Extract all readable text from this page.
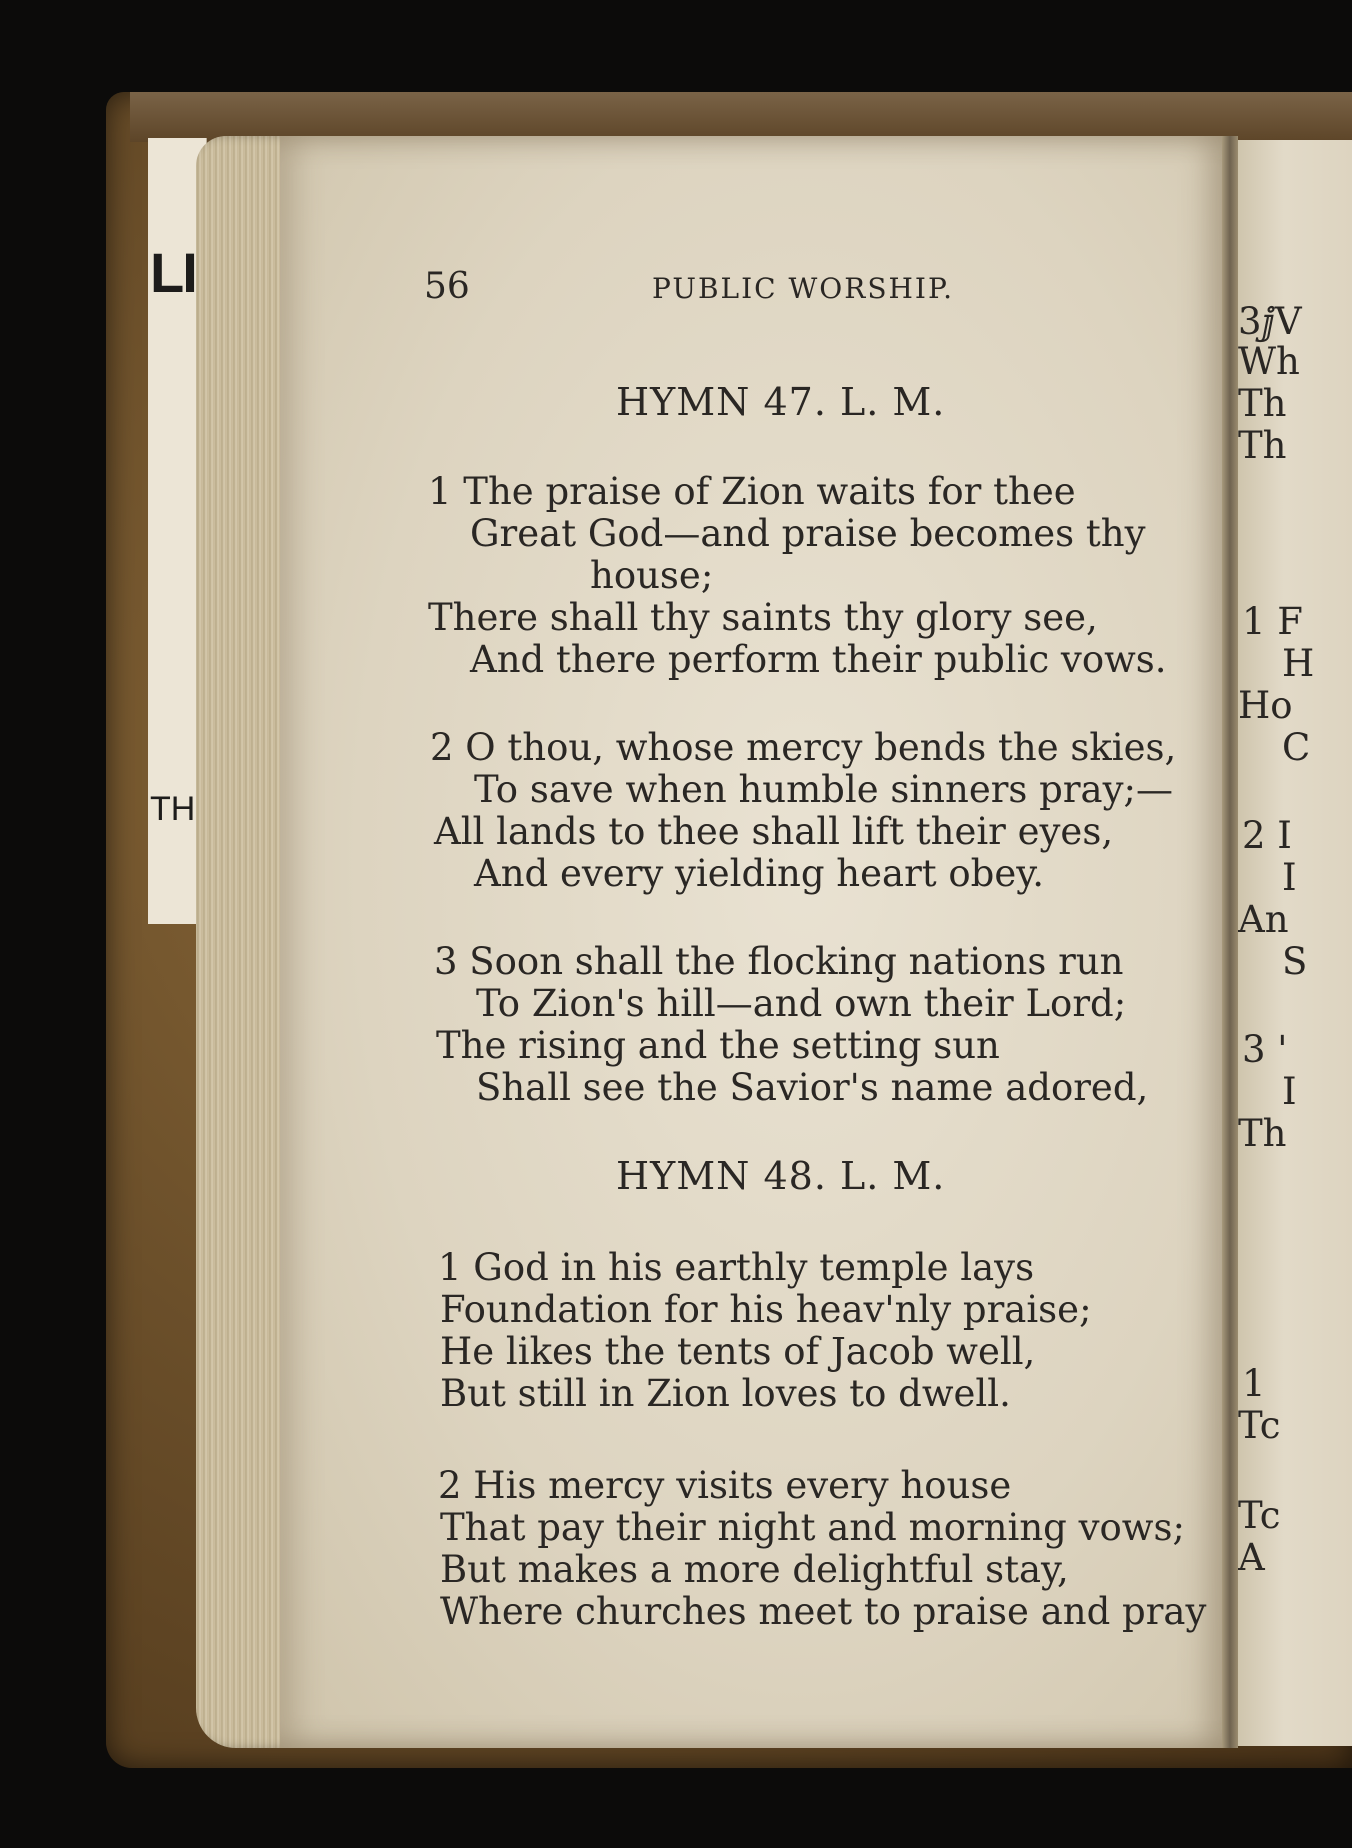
LI
TH
3ⅉV
Wh
Th
Th
1 F
H
Ho
C
2 I
I
An
S
3 '
I
Th
1
Tc
Tc
A
56	PUBLIC WORSHIP.
HYMN 47. L. M.
1 The praise of Zion waits for thee
Great God—and praise becomes thy
house;
There shall thy saints thy glory see,
And there perform their public vows.
2 O thou, whose mercy bends the skies,
To save when humble sinners pray;—
All lands to thee shall lift their eyes,
And every yielding heart obey.
3 Soon shall the flocking nations run
To Zion's hill—and own their Lord;
The rising and the setting sun
Shall see the Savior's name adored,
HYMN 48. L. M.
1 God in his earthly temple lays
Foundation for his heav'nly praise;
He likes the tents of Jacob well,
But still in Zion loves to dwell.
2 His mercy visits every house
That pay their night and morning vows;
But makes a more delightful stay,
Where churches meet to praise and pray
